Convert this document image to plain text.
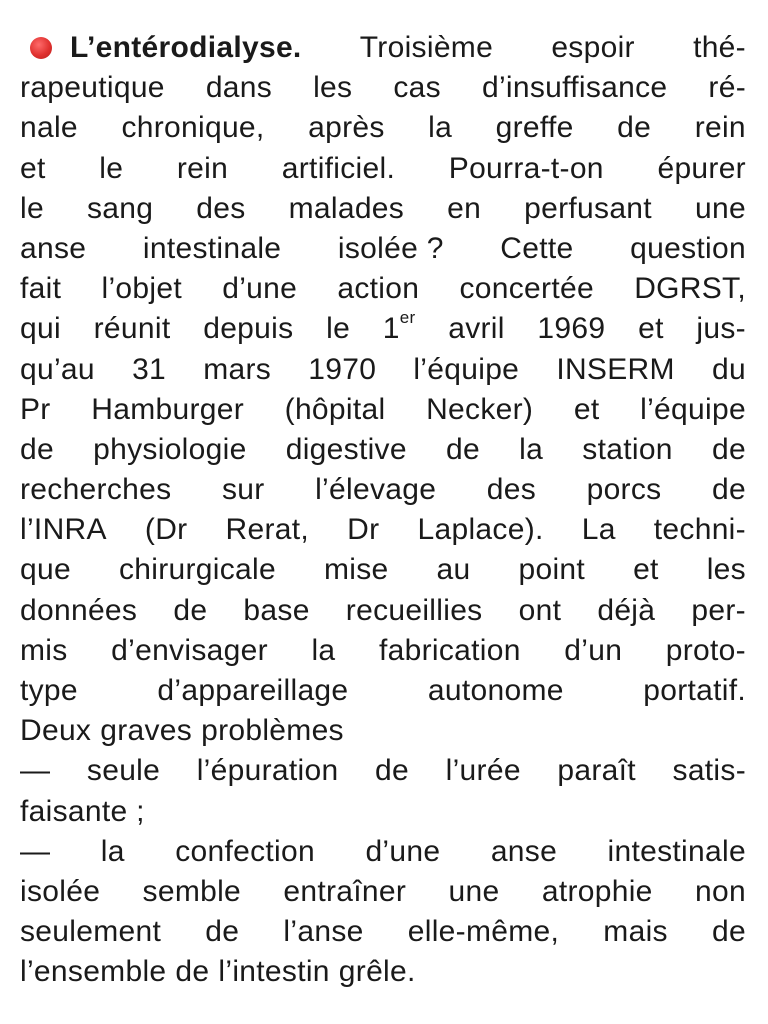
L’entérodialyse. Troisième espoir thé-
rapeutique dans les cas d’insuffisance ré-
nale chronique, après la greffe de rein
et le rein artificiel. Pourra-t-on épurer
le sang des malades en perfusant une
anse intestinale isolée ? Cette question
fait l’objet d’une action concertée DGRST,
qui réunit depuis le 1er avril 1969 et jus-
qu’au 31 mars 1970 l’équipe INSERM du
Pr Hamburger (hôpital Necker) et l’équipe
de physiologie digestive de la station de
recherches sur l’élevage des porcs de
l’INRA (Dr Rerat, Dr Laplace). La techni-
que chirurgicale mise au point et les
données de base recueillies ont déjà per-
mis d’envisager la fabrication d’un proto-
type	d’appareillage	autonome	portatif.
Deux graves problèmes
— seule l’épuration de l’urée paraît satis-
faisante ;
— la confection d’une anse intestinale
isolée semble entraîner une atrophie non
seulement de l’anse elle-même, mais de
l’ensemble de l’intestin grêle.
